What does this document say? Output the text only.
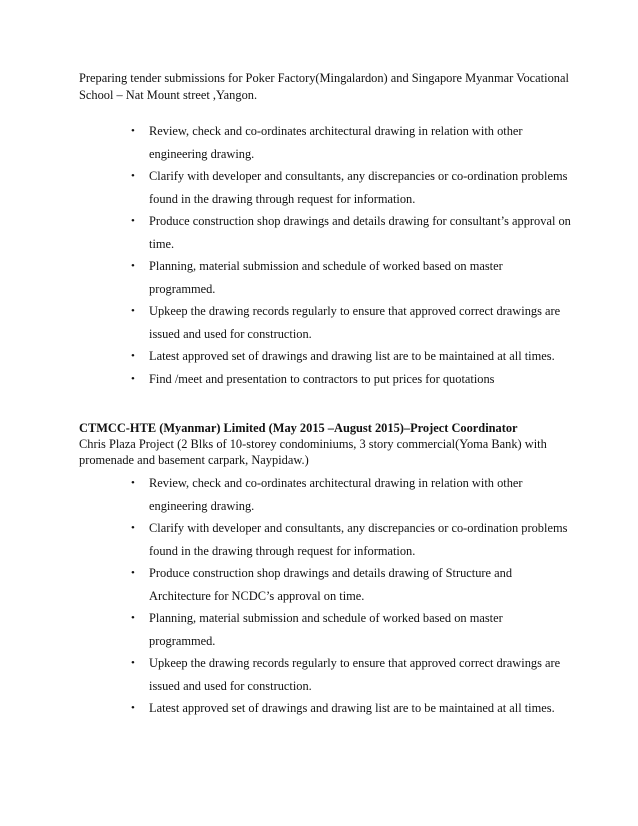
Preparing tender submissions for Poker Factory(Mingalardon) and Singapore Myanmar Vocational School – Nat Mount street ,Yangon.
• Review, check and co-ordinates architectural drawing in relation with other engineering drawing.
• Clarify with developer and consultants, any discrepancies or co-ordination problems found in the drawing through request for information.
• Produce construction shop drawings and details drawing for consultant’s approval on time.
• Planning, material submission and schedule of worked based on master programmed.
• Upkeep the drawing records regularly to ensure that approved correct drawings are issued and used for construction.
• Latest approved set of drawings and drawing list are to be maintained at all times.
• Find /meet and presentation to contractors to put prices for quotations
CTMCC-HTE (Myanmar) Limited (May 2015 –August 2015)–Project Coordinator
Chris Plaza Project (2 Blks of 10-storey condominiums, 3 story commercial(Yoma Bank) with promenade and basement carpark, Naypidaw.)
• Review, check and co-ordinates architectural drawing in relation with other engineering drawing.
• Clarify with developer and consultants, any discrepancies or co-ordination problems found in the drawing through request for information.
• Produce construction shop drawings and details drawing of Structure and Architecture for NCDC’s approval on time.
• Planning, material submission and schedule of worked based on master programmed.
• Upkeep the drawing records regularly to ensure that approved correct drawings are issued and used for construction.
• Latest approved set of drawings and drawing list are to be maintained at all times.
